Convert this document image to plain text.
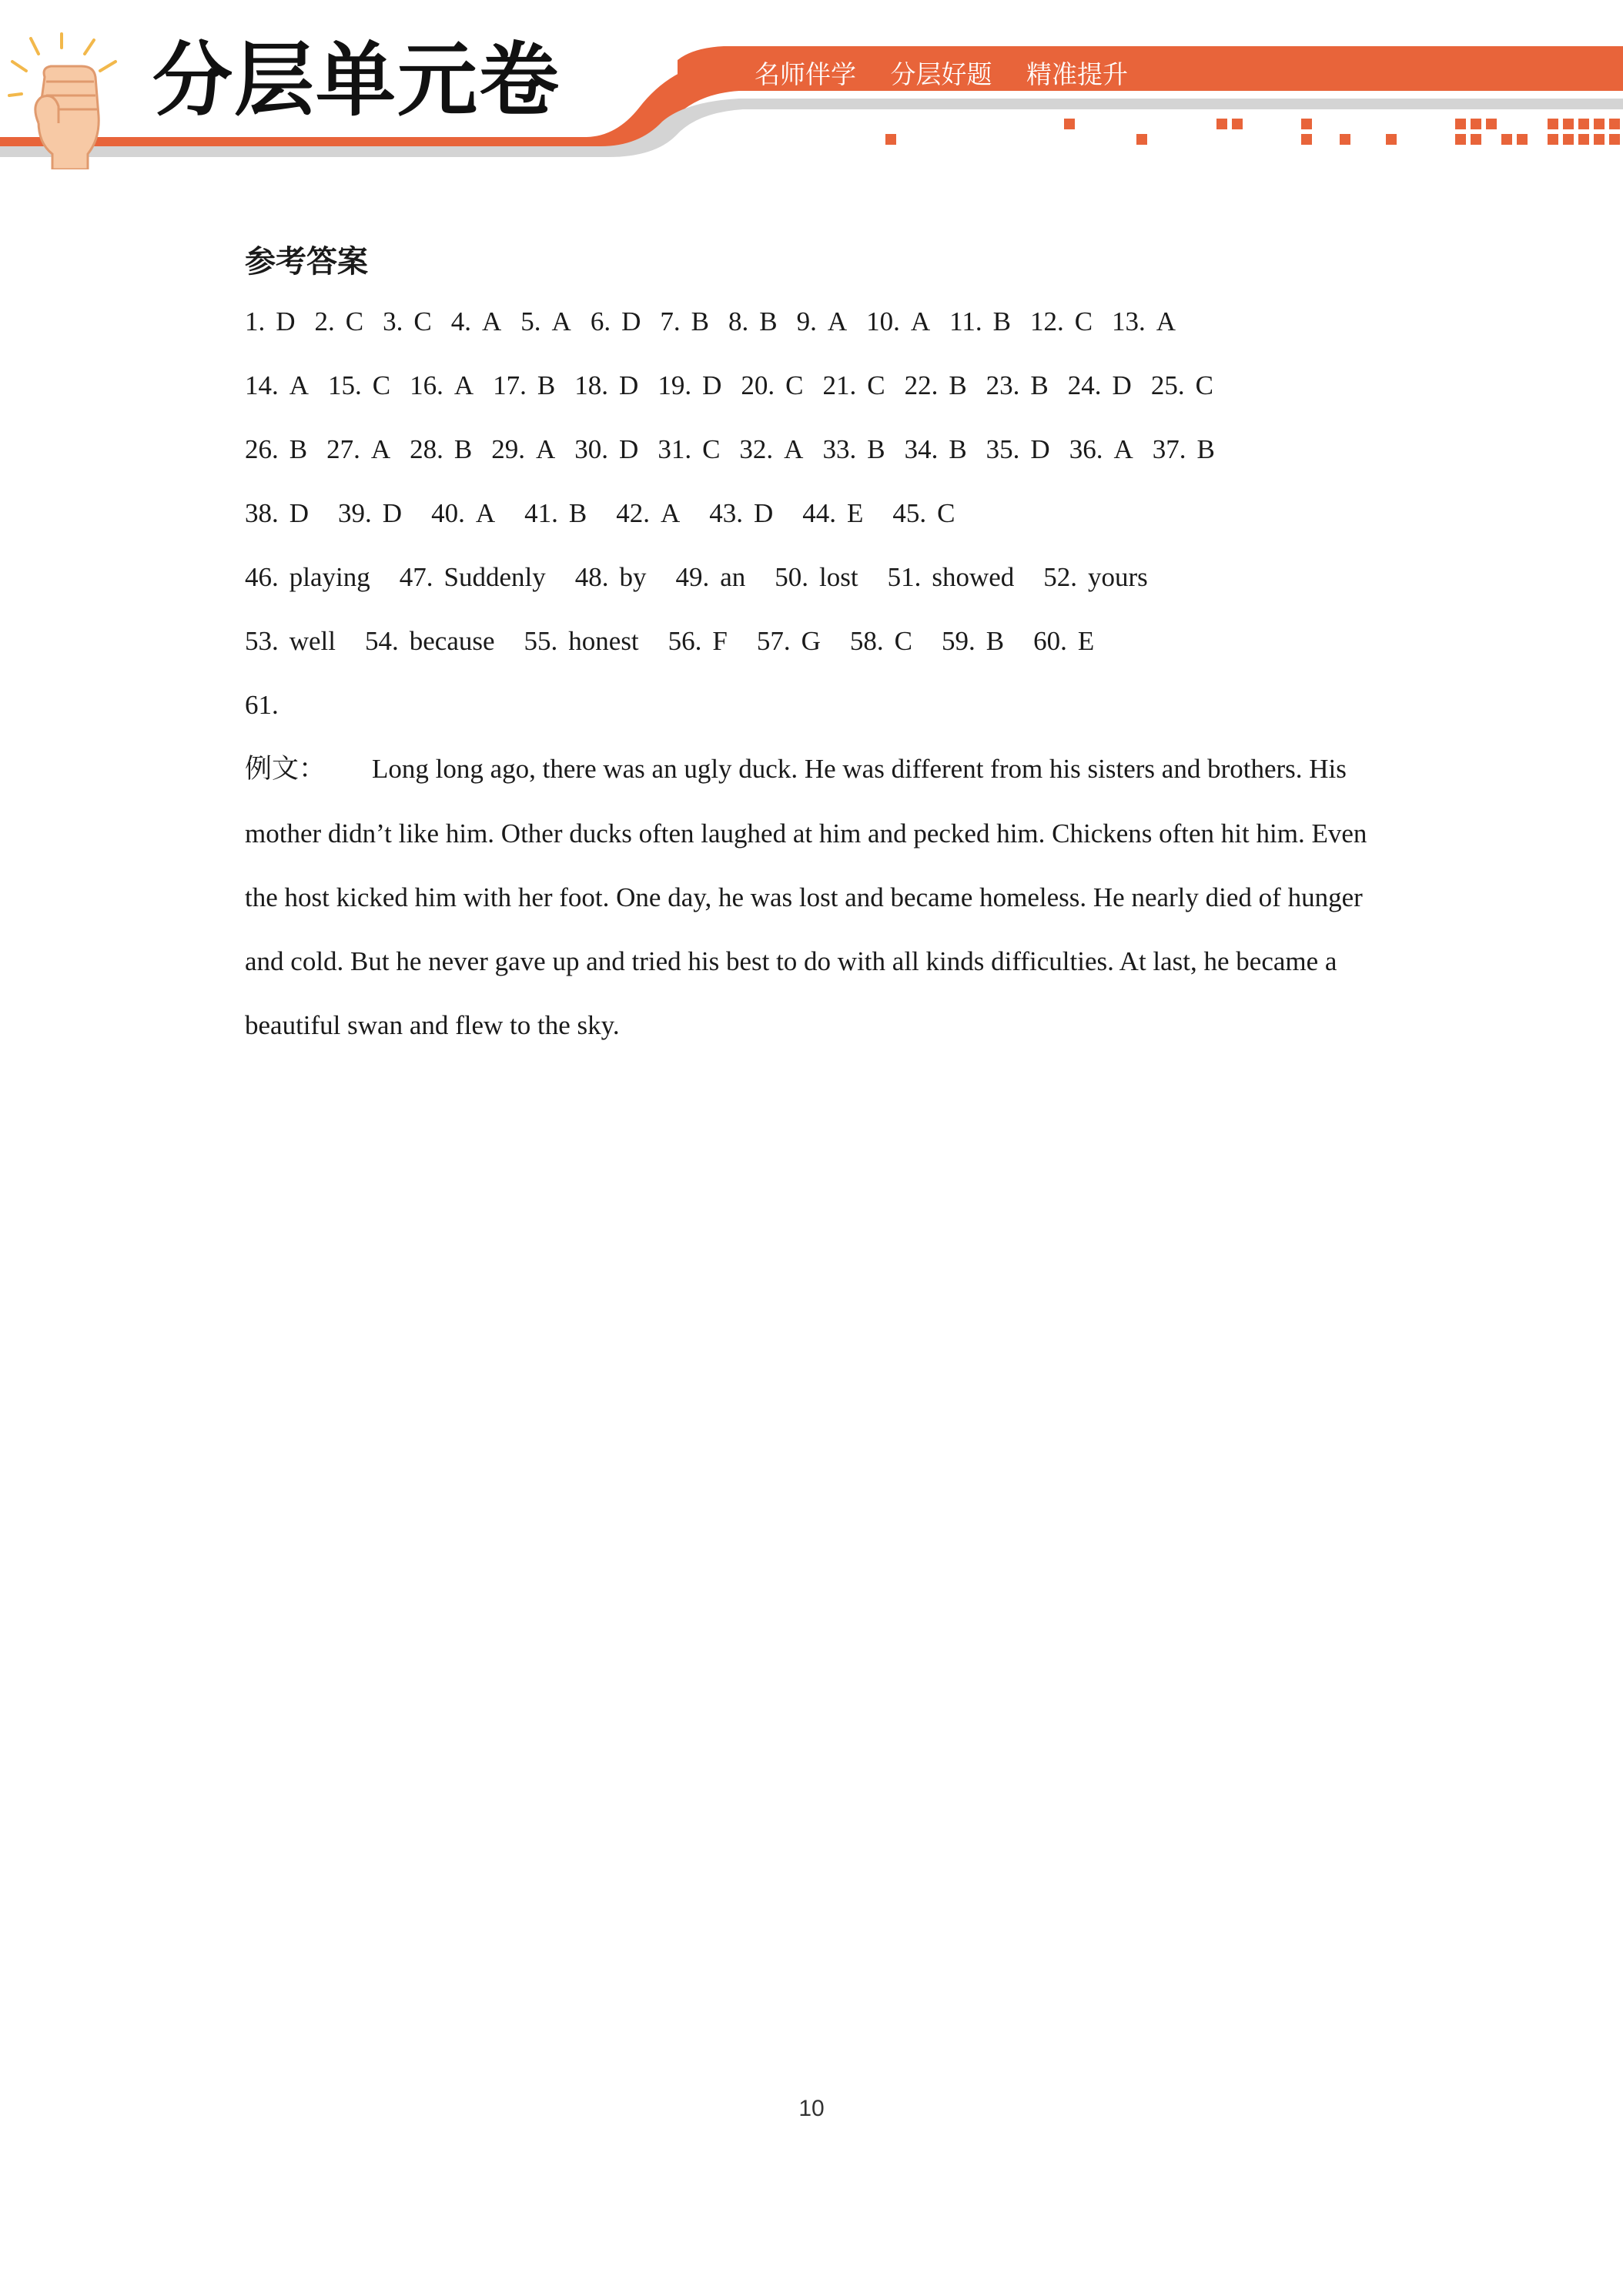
分层单元卷	名师伴学 分层好题 精准提升
参考答案
1. D 2. C 3. C 4. A 5. A 6. D 7. B 8. B 9. A 10. A 11. B 12. C 13. A
14. A 15. C 16. A 17. B 18. D 19. D 20. C 21. C 22. B 23. B 24. D 25. C
26. B 27. A 28. B 29. A 30. D 31. C 32. A 33. B 34. B 35. D 36. A 37. B
38. D 39. D 40. A 41. B 42. A 43. D 44. E 45. C
46. playing 47. Suddenly 48. by 49. an 50. lost 51. showed 52. yours
53. well 54. because 55. honest 56. F 57. G 58. C 59. B 60. E
61.
例文： Long long ago, there was an ugly duck. He was different from his sisters and brothers. His mother didn’t like him. Other ducks often laughed at him and pecked him. Chickens often hit him. Even the host kicked him with her foot. One day, he was lost and became homeless. He nearly died of hunger and cold. But he never gave up and tried his best to do with all kinds difficulties. At last, he became a beautiful swan and flew to the sky.
10
